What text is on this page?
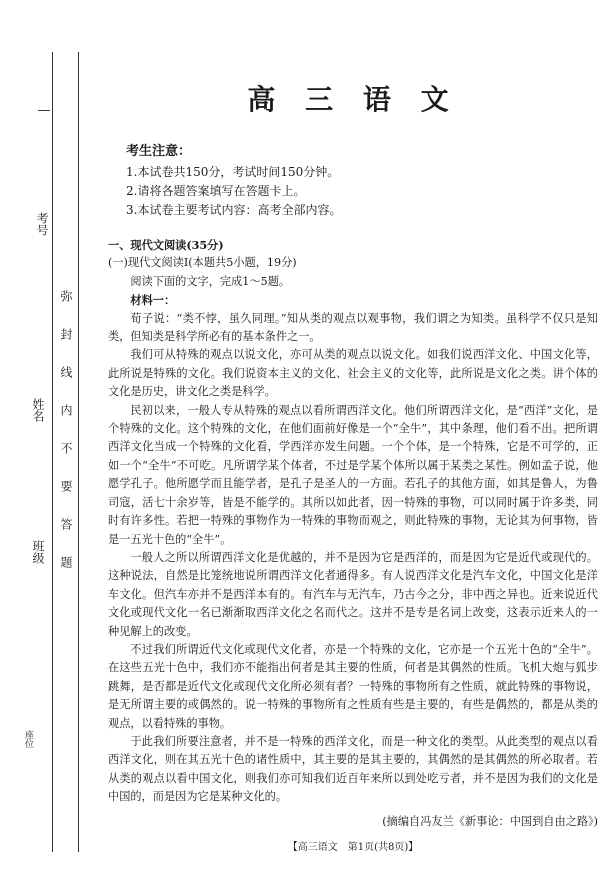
考号
姓名
班级
座位
弥封线内不要答题
高 三 语 文
考生注意：
1.本试卷共150分，考试时间150分钟。
2.请将各题答案填写在答题卡上。
3.本试卷主要考试内容：高考全部内容。
一、现代文阅读(35分)
(一)现代文阅读Ⅰ(本题共5小题，19分)
阅读下面的文字，完成1～5题。
材料一：

荀子说：“类不悖，虽久同理。”知从类的观点以观事物，我们谓之为知类。虽科学不仅只是知类，但知类是科学所必有的基本条件之一。

我们可从特殊的观点以说文化，亦可从类的观点以说文化。如我们说西洋文化、中国文化等，此所说是特殊的文化。我们说资本主义的文化、社会主义的文化等，此所说是文化之类。讲个体的文化是历史，讲文化之类是科学。

民初以来，一般人专从特殊的观点以看所谓西洋文化。他们所谓西洋文化，是“西洋”文化，是个特殊的文化。这个特殊的文化，在他们面前好像是一个“全牛”，其中条理，他们看不出。把所谓西洋文化当成一个特殊的文化看，学西洋亦发生问题。一个个体，是一个特殊，它是不可学的，正如一个“全牛”不可吃。凡所谓学某个体者，不过是学某个体所以属于某类之某性。例如孟子说，他愿学孔子。他所愿学而且能学者，是孔子是圣人的一方面。若孔子的其他方面，如其是鲁人，为鲁司寇，活七十余岁等，皆是不能学的。其所以如此者，因一特殊的事物，可以同时属于许多类，同时有许多性。若把一特殊的事物作为一特殊的事物而观之，则此特殊的事物，无论其为何事物，皆是一五光十色的“全牛”。

一般人之所以所谓西洋文化是优越的，并不是因为它是西洋的，而是因为它是近代或现代的。这种说法，自然是比笼统地说所谓西洋文化者通得多。有人说西洋文化是汽车文化，中国文化是洋车文化。但汽车亦并不是西洋本有的。有汽车与无汽车，乃古今之分，非中西之异也。近来说近代文化或现代文化一名已渐渐取西洋文化之名而代之。这并不是专是名词上改变，这表示近来人的一种见解上的改变。

不过我们所谓近代文化或现代文化者，亦是一个特殊的文化，它亦是一个五光十色的“全牛”。在这些五光十色中，我们亦不能指出何者是其主要的性质，何者是其偶然的性质。飞机大炮与狐步跳舞，是否都是近代文化或现代文化所必须有者？一特殊的事物所有之性质，就此特殊的事物说，是无所谓主要的或偶然的。说一特殊的事物所有之性质有些是主要的，有些是偶然的，都是从类的观点，以看特殊的事物。

于此我们所要注意者，并不是一特殊的西洋文化，而是一种文化的类型。从此类型的观点以看西洋文化，则在其五光十色的诸性质中，其主要的是其主要的，其偶然的是其偶然的所必取者。若从类的观点以看中国文化，则我们亦可知我们近百年来所以到处吃亏者，并不是因为我们的文化是中国的，而是因为它是某种文化的。

(摘编自冯友兰《新事论：中国到自由之路》)
【高三语文　第1页(共8页)】
